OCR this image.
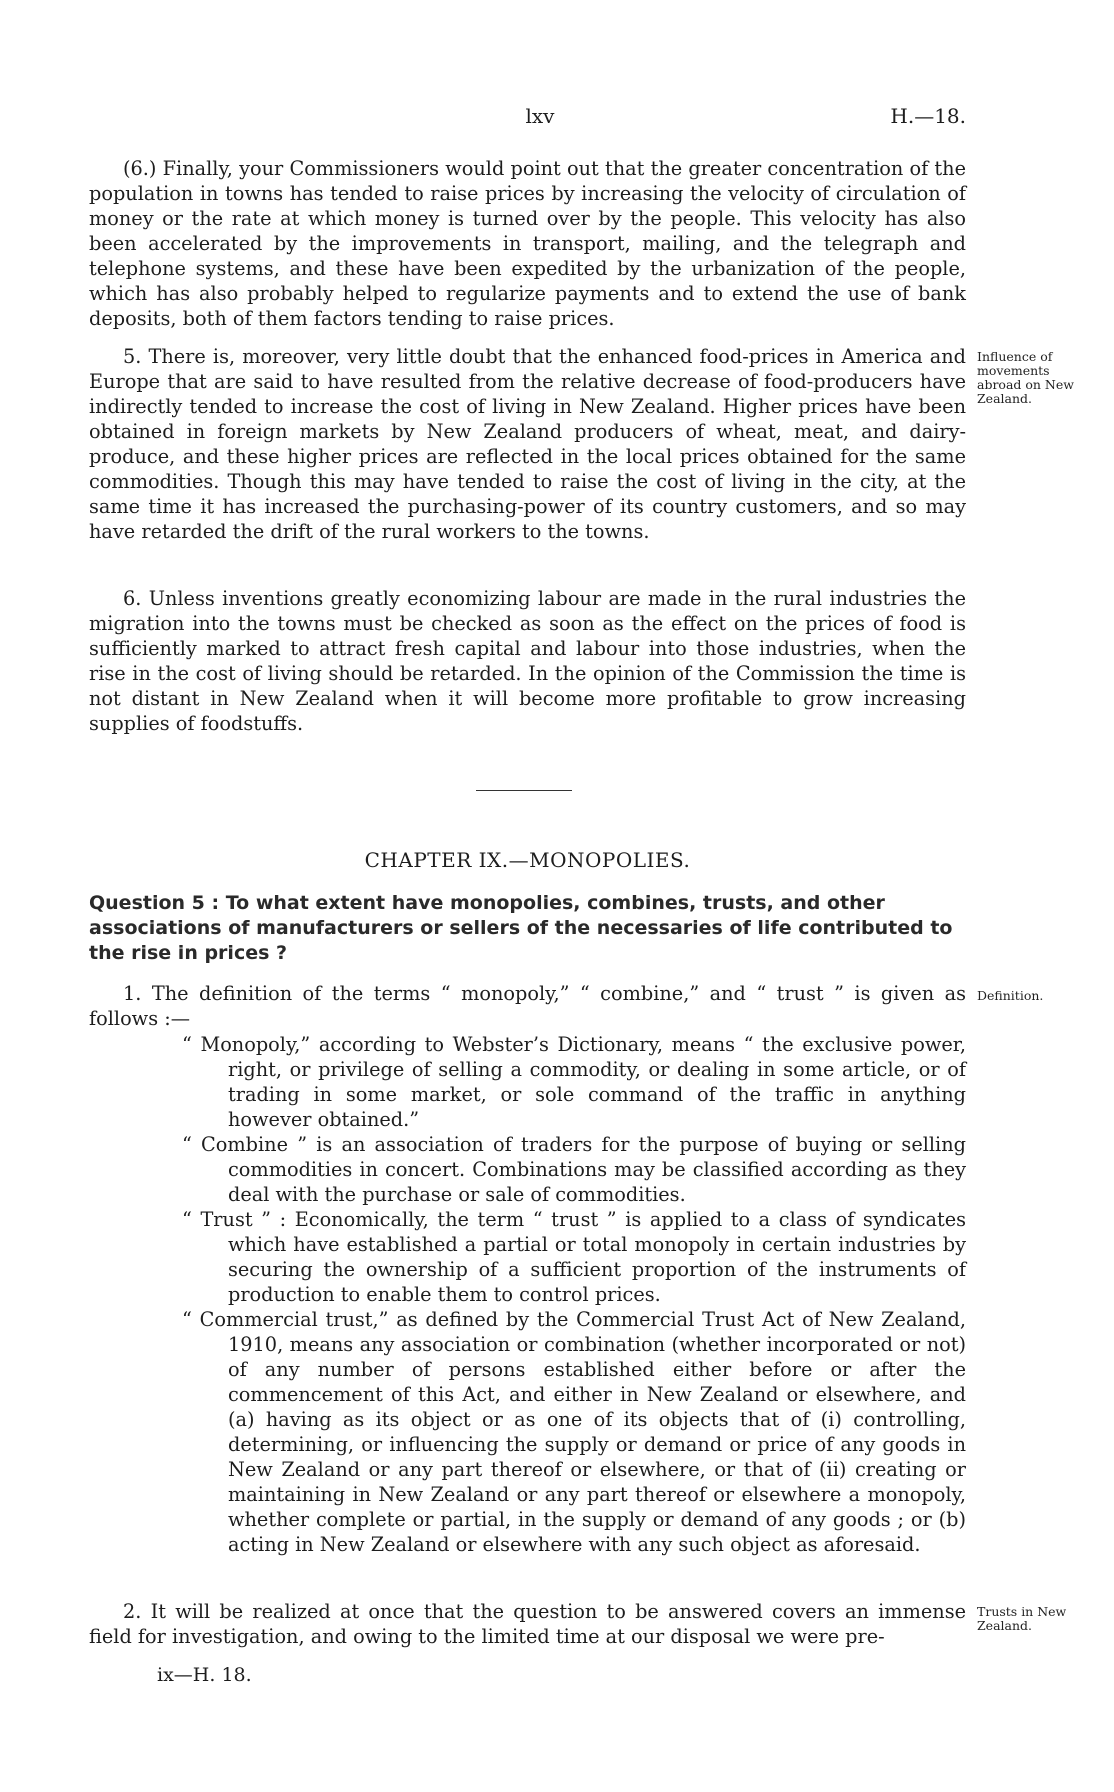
lxv	H.—18.

(6.) Finally, your Commissioners would point out that the greater concentration of the population in towns has tended to raise prices by increasing the velocity of circulation of money or the rate at which money is turned over by the people. This velocity has also been accelerated by the improvements in transport, mailing, and the telegraph and telephone systems, and these have been expedited by the urbanization of the people, which has also probably helped to regularize payments and to extend the use of bank deposits, both of them factors tending to raise prices.

5. There is, moreover, very little doubt that the enhanced food-prices in America and Europe that are said to have resulted from the relative decrease of food-producers have indirectly tended to increase the cost of living in New Zealand. Higher prices have been obtained in foreign markets by New Zealand producers of wheat, meat, and dairy-produce, and these higher prices are reflected in the local prices obtained for the same commodities. Though this may have tended to raise the cost of living in the city, at the same time it has increased the purchasing-power of its country customers, and so may have retarded the drift of the rural workers to the towns.

Influence of movements abroad on New Zealand.

6. Unless inventions greatly economizing labour are made in the rural industries the migration into the towns must be checked as soon as the effect on the prices of food is sufficiently marked to attract fresh capital and labour into those industries, when the rise in the cost of living should be retarded. In the opinion of the Commission the time is not distant in New Zealand when it will become more profitable to grow increasing supplies of foodstuffs.

CHAPTER IX.—MONOPOLIES.
Question 5 : To what extent have monopolies, combines, trusts, and other associations of manufacturers or sellers of the necessaries of life contributed to the rise in prices ?

1. The definition of the terms “ monopoly,” “ combine,” and “ trust ” is given as follows :—

Definition.

“ Monopoly,” according to Webster’s Dictionary, means “ the exclusive power, right, or privilege of selling a commodity, or dealing in some article, or of trading in some market, or sole command of the traffic in anything however obtained.”

“ Combine ” is an association of traders for the purpose of buying or selling commodities in concert. Combinations may be classified according as they deal with the purchase or sale of commodities.

“ Trust ” : Economically, the term “ trust ” is applied to a class of syndicates which have established a partial or total monopoly in certain industries by securing the ownership of a sufficient proportion of the instruments of production to enable them to control prices.

“ Commercial trust,” as defined by the Commercial Trust Act of New Zealand, 1910, means any association or combination (whether incorporated or not) of any number of persons established either before or after the commencement of this Act, and either in New Zealand or elsewhere, and (a) having as its object or as one of its objects that of (i) controlling, determining, or influencing the supply or demand or price of any goods in New Zealand or any part thereof or elsewhere, or that of (ii) creating or maintaining in New Zealand or any part thereof or elsewhere a monopoly, whether complete or partial, in the supply or demand of any goods ; or (b) acting in New Zealand or elsewhere with any such object as aforesaid.

2. It will be realized at once that the question to be answered covers an immense field for investigation, and owing to the limited time at our disposal we were pre-

Trusts in New Zealand.
ix—H. 18.
